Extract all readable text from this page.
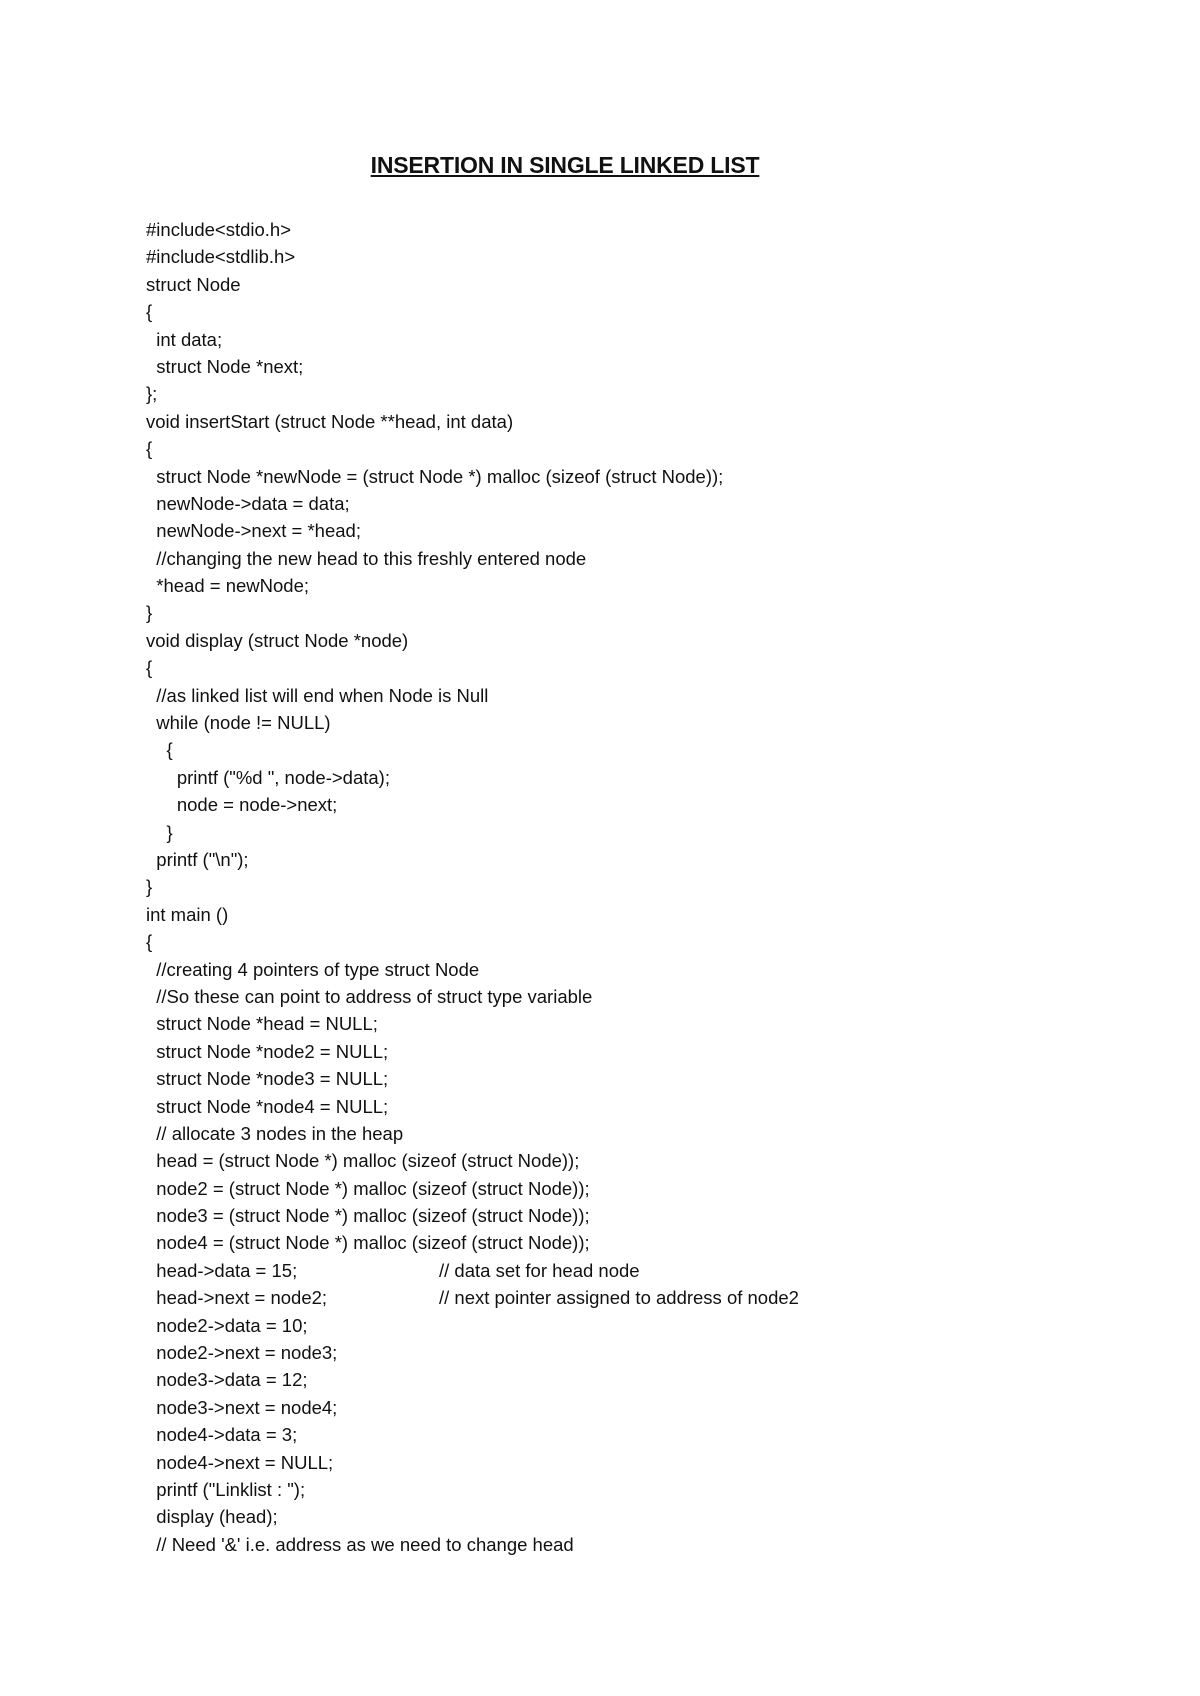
INSERTION IN SINGLE LINKED LIST
#include<stdio.h>
#include<stdlib.h>
struct Node
{
int data;
struct Node *next;
};
void insertStart (struct Node **head, int data)
{
struct Node *newNode = (struct Node *) malloc (sizeof (struct Node));
newNode->data = data;
newNode->next = *head;
//changing the new head to this freshly entered node
*head = newNode;
}
void display (struct Node *node)
{
//as linked list will end when Node is Null
while (node != NULL)
{
printf ("%d ", node->data);
node = node->next;
}
printf ("\n");
}
int main ()
{
//creating 4 pointers of type struct Node
//So these can point to address of struct type variable
struct Node *head = NULL;
struct Node *node2 = NULL;
struct Node *node3 = NULL;
struct Node *node4 = NULL;
// allocate 3 nodes in the heap
head = (struct Node *) malloc (sizeof (struct Node));
node2 = (struct Node *) malloc (sizeof (struct Node));
node3 = (struct Node *) malloc (sizeof (struct Node));
node4 = (struct Node *) malloc (sizeof (struct Node));
head->data = 15;	// data set for head node
head->next = node2;	// next pointer assigned to address of node2
node2->data = 10;
node2->next = node3;
node3->data = 12;
node3->next = node4;
node4->data = 3;
node4->next = NULL;
printf ("Linklist : ");
display (head);
// Need '&' i.e. address as we need to change head
